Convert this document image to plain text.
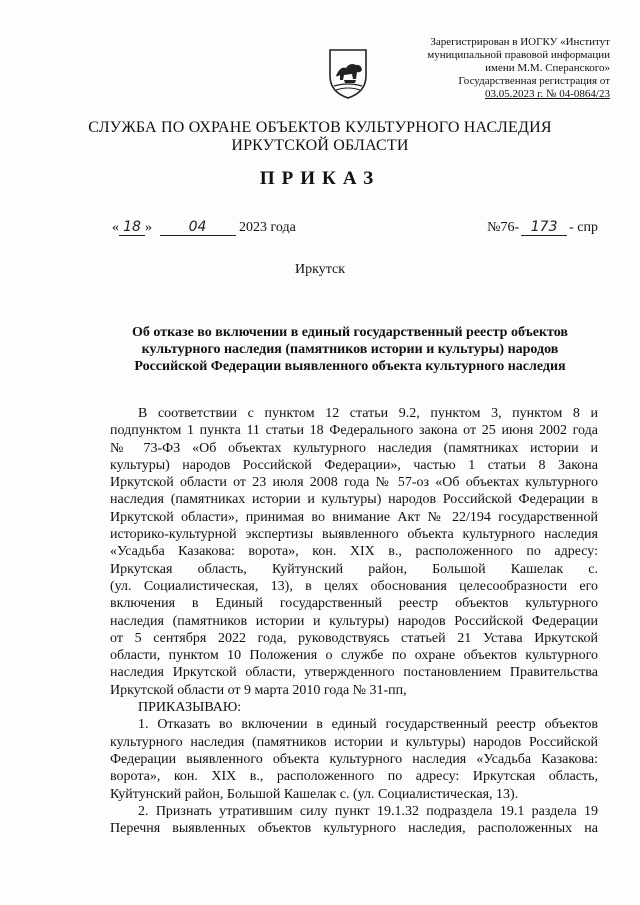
Зарегистрирован в ИОГКУ «Институт
муниципальной правовой информации
имени М.М. Сперанского»
Государственная регистрация от
03.05.2023 г. № 04-0864/23
СЛУЖБА ПО ОХРАНЕ ОБЪЕКТОВ КУЛЬТУРНОГО НАСЛЕДИЯ
ИРКУТСКОЙ ОБЛАСТИ
ПРИКАЗ
« 18 »	04 2023 года	№76- 173 - спр
Иркутск
Об отказе во включении в единый государственный реестр объектов
культурного наследия (памятников истории и культуры) народов
Российской Федерации выявленного объекта культурного наследия
В соответствии с пунктом 12 статьи 9.2, пунктом 3, пунктом 8 и
подпунктом 1 пункта 11 статьи 18 Федерального закона от 25 июня 2002 года
№ 73-ФЗ «Об объектах культурного наследия (памятниках истории и
культуры) народов Российской Федерации», частью 1 статьи 8 Закона
Иркутской области от 23 июля 2008 года № 57-оз «Об объектах культурного
наследия (памятниках истории и культуры) народов Российской Федерации в
Иркутской области», принимая во внимание Акт № 22/194 государственной
историко-культурной экспертизы выявленного объекта культурного наследия
«Усадьба Казакова: ворота», кон. XIX в., расположенного по адресу:
Иркутская область, Куйтунский район, Большой Кашелак с.
(ул. Социалистическая, 13), в целях обоснования целесообразности его
включения в Единый государственный реестр объектов культурного
наследия (памятников истории и культуры) народов Российской Федерации
от 5 сентября 2022 года, руководствуясь статьей 21 Устава Иркутской
области, пунктом 10 Положения о службе по охране объектов культурного
наследия Иркутской области, утвержденного постановлением Правительства
Иркутской области от 9 марта 2010 года № 31-пп,
ПРИКАЗЫВАЮ:
1. Отказать во включении в единый государственный реестр объектов
культурного наследия (памятников истории и культуры) народов Российской
Федерации выявленного объекта культурного наследия «Усадьба Казакова:
ворота», кон. XIX в., расположенного по адресу: Иркутская область,
Куйтунский район, Большой Кашелак с. (ул. Социалистическая, 13).
2. Признать утратившим силу пункт 19.1.32 подраздела 19.1 раздела 19
Перечня выявленных объектов культурного наследия, расположенных на
